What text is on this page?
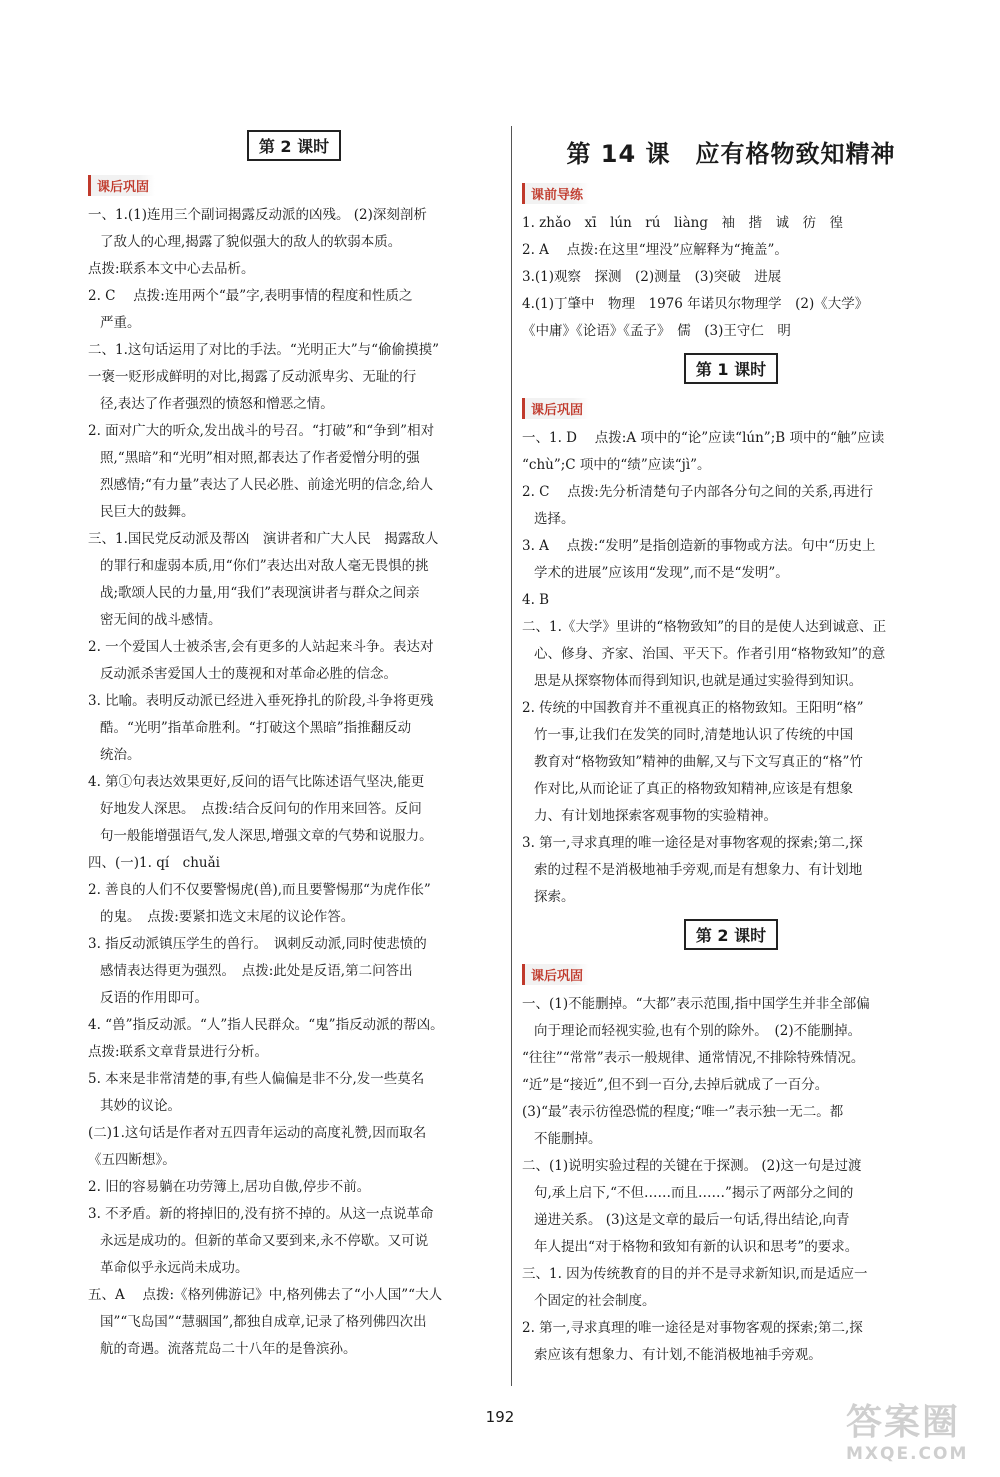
第 2 课时
课后巩固

一、1.(1)连用三个副词揭露反动派的凶残。 (2)深刻剖析

了敌人的心理,揭露了貌似强大的敌人的软弱本质。

点拨:联系本文中心去品析。

2. C　 点拨:连用两个“最”字,表明事情的程度和性质之

严重。

二、1.这句话运用了对比的手法。“光明正大”与“偷偷摸摸”

一褒一贬形成鲜明的对比,揭露了反动派卑劣、无耻的行

径,表达了作者强烈的愤怒和憎恶之情。

2. 面对广大的听众,发出战斗的号召。“打破”和“争到”相对

照,“黑暗”和“光明”相对照,都表达了作者爱憎分明的强

烈感情;“有力量”表达了人民必胜、前途光明的信念,给人

民巨大的鼓舞。

三、1.国民党反动派及帮凶　演讲者和广大人民　揭露敌人

的罪行和虚弱本质,用“你们”表达出对敌人毫无畏惧的挑

战;歌颂人民的力量,用“我们”表现演讲者与群众之间亲

密无间的战斗感情。

2. 一个爱国人士被杀害,会有更多的人站起来斗争。表达对

反动派杀害爱国人士的蔑视和对革命必胜的信念。

3. 比喻。表明反动派已经进入垂死挣扎的阶段,斗争将更残

酷。“光明”指革命胜利。“打破这个黑暗”指推翻反动

统治。

4. 第①句表达效果更好,反问的语气比陈述语气坚决,能更

好地发人深思。　点拨:结合反问句的作用来回答。反问

句一般能增强语气,发人深思,增强文章的气势和说服力。

四、(一)1. qí　chuǎi

2. 善良的人们不仅要警惕虎(兽),而且要警惕那“为虎作伥”

的鬼。　点拨:要紧扣选文末尾的议论作答。

3. 指反动派镇压学生的兽行。　讽刺反动派,同时使悲愤的

感情表达得更为强烈。　点拨:此处是反语,第二问答出

反语的作用即可。

4. “兽”指反动派。“人”指人民群众。“鬼”指反动派的帮凶。

点拨:联系文章背景进行分析。

5. 本来是非常清楚的事,有些人偏偏是非不分,发一些莫名

其妙的议论。

(二)1.这句话是作者对五四青年运动的高度礼赞,因而取名

《五四断想》。

2. 旧的容易躺在功劳簿上,居功自傲,停步不前。

3. 不矛盾。新的将掉旧的,没有挤不掉的。从这一点说革命

永远是成功的。但新的革命又要到来,永不停歇。又可说

革命似乎永远尚未成功。

五、A　 点拨:《格列佛游记》中,格列佛去了“小人国”“大人

国”“飞岛国”“慧骃国”,都独自成章,记录了格列佛四次出

航的奇遇。流落荒岛二十八年的是鲁滨孙。

第 14 课　应有格物致知精神
课前导练

1. zhǎo　xī　lún　rú　liàng　袖　揩　诚　彷　徨

2. A　 点拨:在这里“埋没”应解释为“掩盖”。

3.(1)观察　探测　(2)测量　(3)突破　进展

4.(1)丁肇中　物理　1976 年诺贝尔物理学　(2)《大学》

《中庸》《论语》《孟子》　儒　(3)王守仁　明

第 1 课时
课后巩固

一、1. D　 点拨:A 项中的“论”应读“lún”;B 项中的“触”应读

“chù”;C 项中的“绩”应读“jì”。

2. C　 点拨:先分析清楚句子内部各分句之间的关系,再进行

选择。

3. A　 点拨:“发明”是指创造新的事物或方法。句中“历史上

学术的进展”应该用“发现”,而不是“发明”。

4. B

二、1.《大学》里讲的“格物致知”的目的是使人达到诚意、正

心、修身、齐家、治国、平天下。作者引用“格物致知”的意

思是从探察物体而得到知识,也就是通过实验得到知识。

2. 传统的中国教育并不重视真正的格物致知。王阳明“格”

竹一事,让我们在发笑的同时,清楚地认识了传统的中国

教育对“格物致知”精神的曲解,又与下文写真正的“格”竹

作对比,从而论证了真正的格物致知精神,应该是有想象

力、有计划地探索客观事物的实验精神。

3. 第一,寻求真理的唯一途径是对事物客观的探索;第二,探

索的过程不是消极地袖手旁观,而是有想象力、有计划地

探索。

第 2 课时
课后巩固

一、(1)不能删掉。“大都”表示范围,指中国学生并非全部偏

向于理论而轻视实验,也有个别的除外。　(2)不能删掉。

“往往”“常常”表示一般规律、通常情况,不排除特殊情况。

“近”是“接近”,但不到一百分,去掉后就成了一百分。

(3)“最”表示彷徨恐慌的程度;“唯一”表示独一无二。都

不能删掉。

二、(1)说明实验过程的关键在于探测。 (2)这一句是过渡

句,承上启下,“不但……而且……”揭示了两部分之间的

递进关系。 (3)这是文章的最后一句话,得出结论,向青

年人提出“对于格物和致知有新的认识和思考”的要求。

三、1. 因为传统教育的目的并不是寻求新知识,而是适应一

个固定的社会制度。

2. 第一,寻求真理的唯一途径是对事物客观的探索;第二,探

索应该有想象力、有计划,不能消极地袖手旁观。

192	答案圈
MXQE.COM
